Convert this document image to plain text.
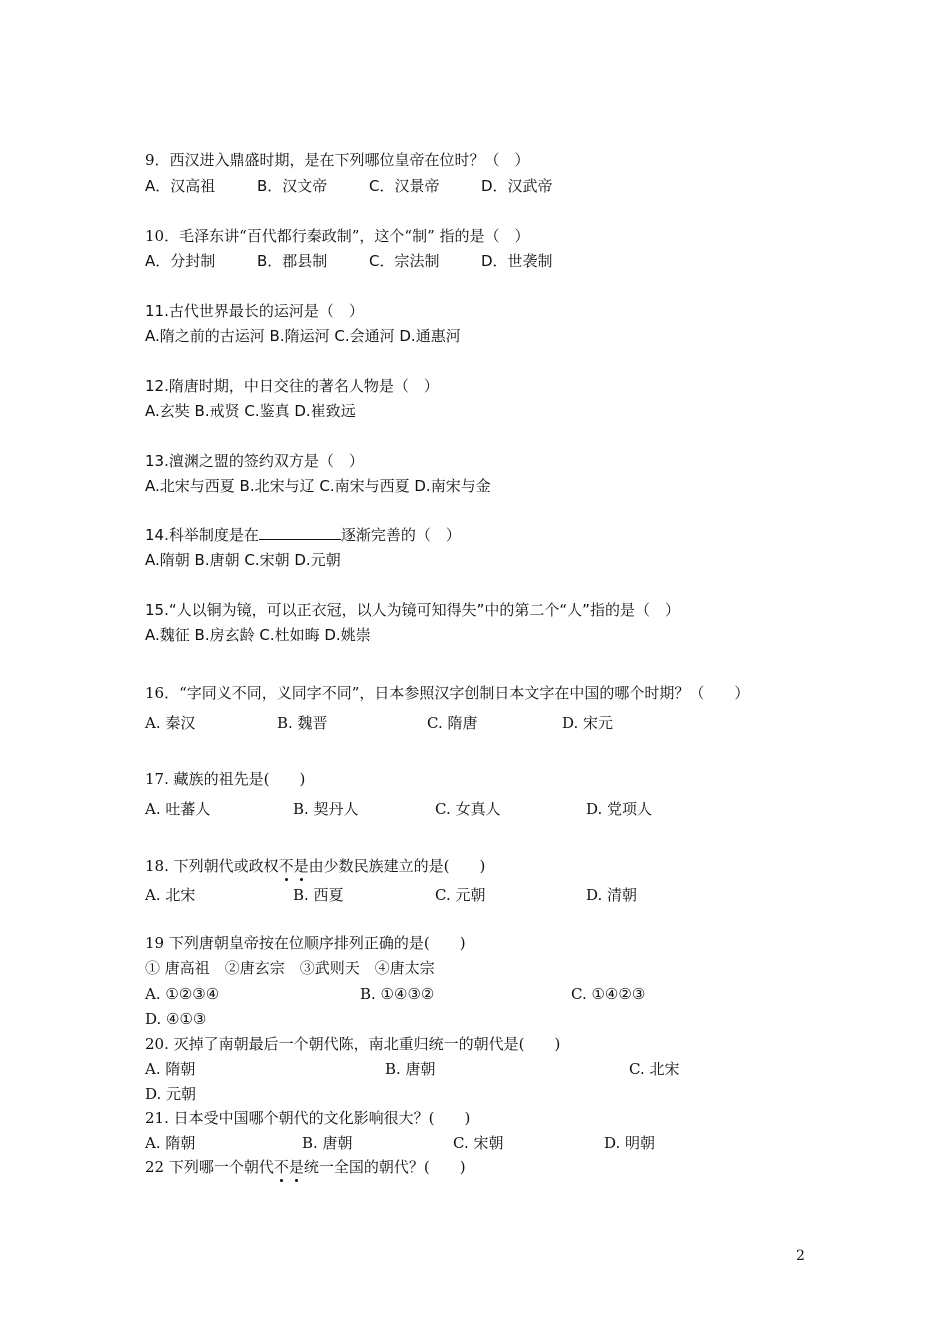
9．西汉进入鼎盛时期，是在下列哪位皇帝在位时？（　）
A．汉高祖	B．汉文帝	C．汉景帝	D．汉武帝
10．毛泽东讲“百代都行秦政制”，这个“制” 指的是（　）
A．分封制	B．郡县制	C．宗法制	D．世袭制
11.古代世界最长的运河是（　）
A.隋之前的古运河 B.隋运河 C.会通河 D.通惠河
12.隋唐时期，中日交往的著名人物是（　）
A.玄奘 B.戒贤 C.鉴真 D.崔致远
13.澶渊之盟的签约双方是（　）
A.北宋与西夏 B.北宋与辽 C.南宋与西夏 D.南宋与金
14.科举制度是在	逐渐完善的（　）
A.隋朝 B.唐朝 C.宋朝 D.元朝
15.“人以铜为镜，可以正衣冠，以人为镜可知得失”中的第二个“人”指的是（　）
A.魏征 B.房玄龄 C.杜如晦 D.姚崇
16．“字同义不同，义同字不同”，日本参照汉字创制日本文字在中国的哪个时期？（　　）
A. 秦汉	B. 魏晋	C. 隋唐	D. 宋元
17. 藏族的祖先是(　　)
A. 吐蕃人	B. 契丹人	C. 女真人	D. 党项人
18. 下列朝代或政权不是由少数民族建立的是(　　)
A. 北宋	B. 西夏	C. 元朝	D. 清朝
19 下列唐朝皇帝按在位顺序排列正确的是(　　)
① 唐高祖　②唐玄宗　③武则天　④唐太宗
A. ①②③④	B. ①④③②	C. ①④②③
D. ④①③
20. 灭掉了南朝最后一个朝代陈，南北重归统一的朝代是(　　)
A. 隋朝	B. 唐朝	C. 北宋
D. 元朝
21. 日本受中国哪个朝代的文化影响很大？(　　)
A. 隋朝	B. 唐朝	C. 宋朝	D. 明朝
22 下列哪一个朝代不是统一全国的朝代？(　　)
2
